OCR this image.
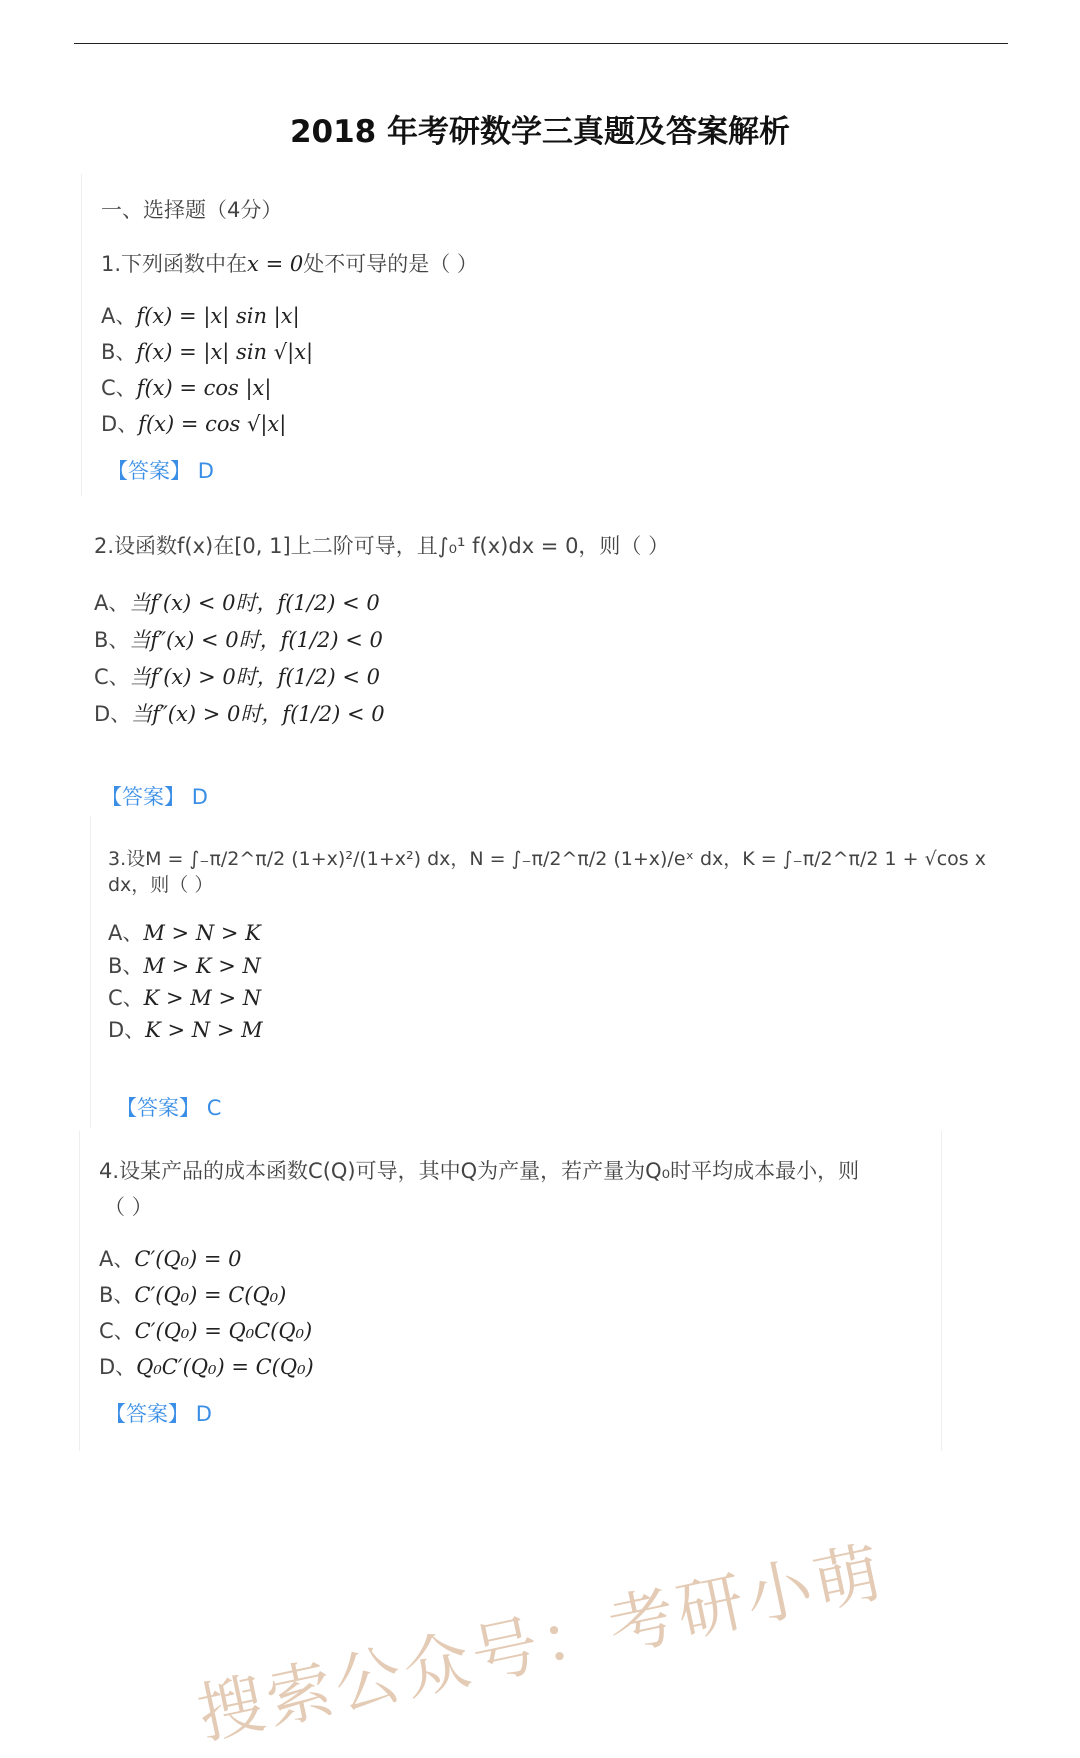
2018 年考研数学三真题及答案解析
一、选择题（4分）
1.下列函数中在x = 0处不可导的是（ ）
A、f(x) = |x| sin |x|
B、f(x) = |x| sin √|x|
C、f(x) = cos |x|
D、f(x) = cos √|x|
【答案】 D
2.设函数f(x)在[0, 1]上二阶可导，且∫₀¹ f(x)dx = 0，则（ ）
A、当f′(x) < 0时，f(1/2) < 0
B、当f″(x) < 0时，f(1/2) < 0
C、当f′(x) > 0时，f(1/2) < 0
D、当f″(x) > 0时，f(1/2) < 0
【答案】 D
3.设M = ∫₋π/2^π/2 (1+x)²/(1+x²) dx，N = ∫₋π/2^π/2 (1+x)/eˣ dx，K = ∫₋π/2^π/2 1 + √cos x dx，则（ ）
A、M > N > K
B、M > K > N
C、K > M > N
D、K > N > M
【答案】 C
4.设某产品的成本函数C(Q)可导，其中Q为产量，若产量为Q₀时平均成本最小，则
（ ）
A、C′(Q₀) = 0
B、C′(Q₀) = C(Q₀)
C、C′(Q₀) = Q₀C(Q₀)
D、Q₀C′(Q₀) = C(Q₀)
【答案】 D
搜索公众号：考研小萌
